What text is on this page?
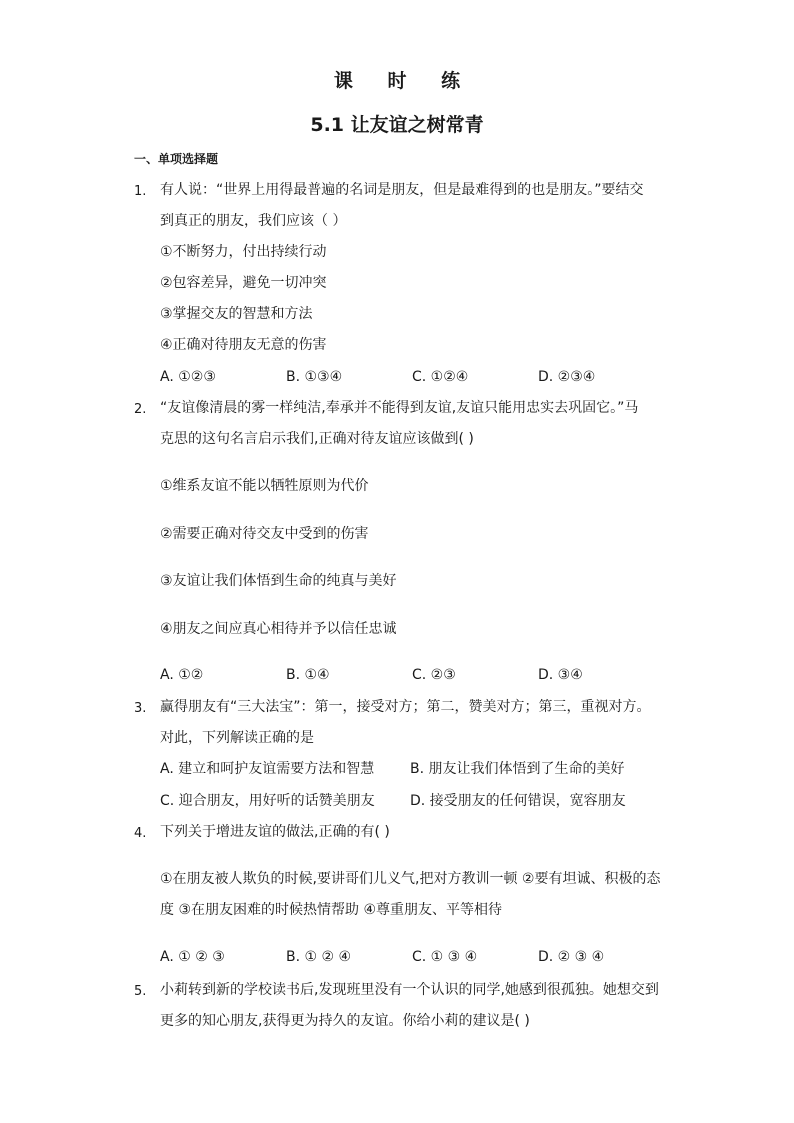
课 时 练
5.1 让友谊之树常青
一、单项选择题
1. 有人说：“世界上用得最普遍的名词是朋友，但是最难得到的也是朋友。”要结交
到真正的朋友，我们应该（ ）
①不断努力，付出持续行动
②包容差异，避免一切冲突
③掌握交友的智慧和方法
④正确对待朋友无意的伤害
A. ①②③	B. ①③④	C. ①②④	D. ②③④
2. “友谊像清晨的雾一样纯洁,奉承并不能得到友谊,友谊只能用忠实去巩固它。”马
克思的这句名言启示我们,正确对待友谊应该做到( )
①维系友谊不能以牺牲原则为代价
②需要正确对待交友中受到的伤害
③友谊让我们体悟到生命的纯真与美好
④朋友之间应真心相待并予以信任忠诚
A. ①②	B. ①④	C. ②③	D. ③④
3. 赢得朋友有“三大法宝”：第一，接受对方；第二，赞美对方；第三，重视对方。
对此，下列解读正确的是
A. 建立和呵护友谊需要方法和智慧	B. 朋友让我们体悟到了生命的美好
C. 迎合朋友，用好听的话赞美朋友	D. 接受朋友的任何错误，宽容朋友
4. 下列关于增进友谊的做法,正确的有( )
①在朋友被人欺负的时候,要讲哥们儿义气,把对方教训一顿 ②要有坦诚、积极的态
度 ③在朋友困难的时候热情帮助 ④尊重朋友、平等相待
A. ① ② ③	B. ① ② ④	C. ① ③ ④	D. ② ③ ④
5. 小莉转到新的学校读书后,发现班里没有一个认识的同学,她感到很孤独。她想交到
更多的知心朋友,获得更为持久的友谊。你给小莉的建议是( )
